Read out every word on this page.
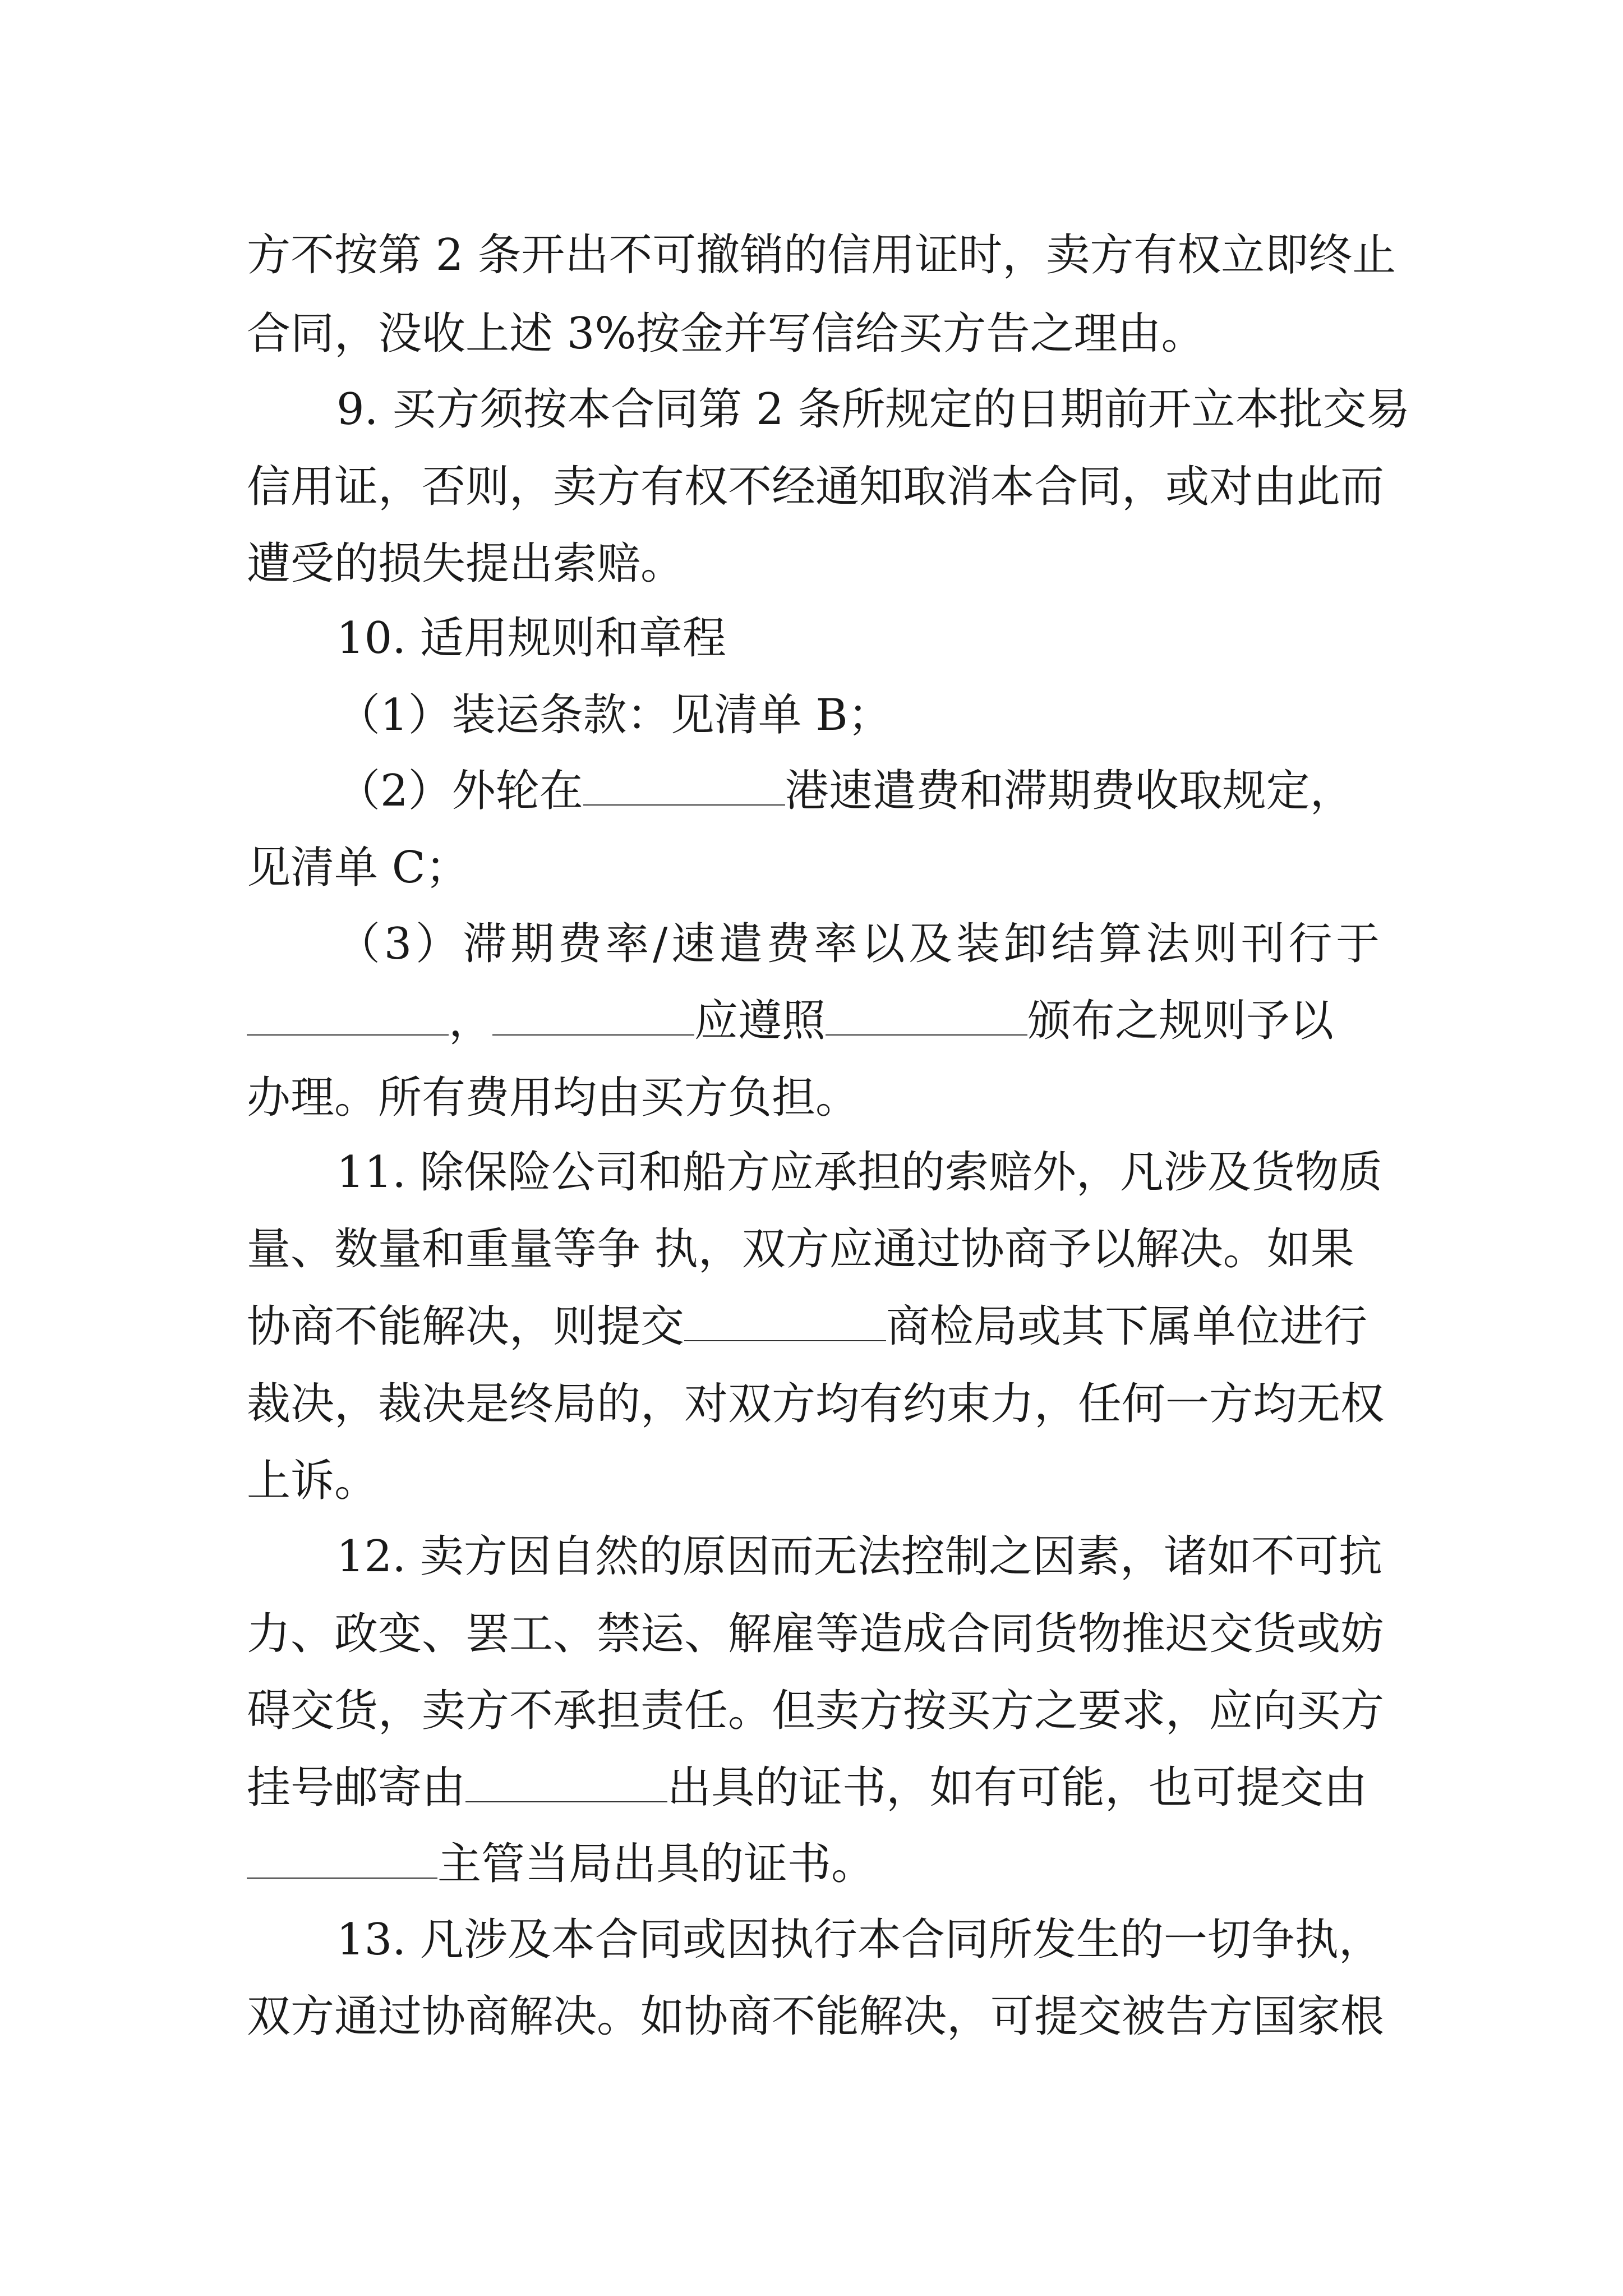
方不按第 2 条开出不可撤销的信用证时，卖方有权立即终止
合同，没收上述 3%按金并写信给买方告之理由。
9. 买方须按本合同第 2 条所规定的日期前开立本批交易
信用证，否则，卖方有权不经通知取消本合同，或对由此而
遭受的损失提出索赔。
10. 适用规则和章程
（1）装运条款：见清单 B；
（2）外轮在	港速遣费和滞期费收取规定，
见清单 C；
（3）滞期费率/速遣费率以及装卸结算法则刊行于
，	应遵照	颁布之规则予以
办理。所有费用均由买方负担。
11. 除保险公司和船方应承担的索赔外，凡涉及货物质
量、数量和重量等争 执，双方应通过协商予以解决。如果
协商不能解决，则提交	商检局或其下属单位进行
裁决，裁决是终局的，对双方均有约束力，任何一方均无权
上诉。
12. 卖方因自然的原因而无法控制之因素，诸如不可抗
力、政变、罢工、禁运、解雇等造成合同货物推迟交货或妨
碍交货，卖方不承担责任。但卖方按买方之要求，应向买方
挂号邮寄由	出具的证书，如有可能，也可提交由
主管当局出具的证书。
13. 凡涉及本合同或因执行本合同所发生的一切争执，
双方通过协商解决。如协商不能解决，可提交被告方国家根
